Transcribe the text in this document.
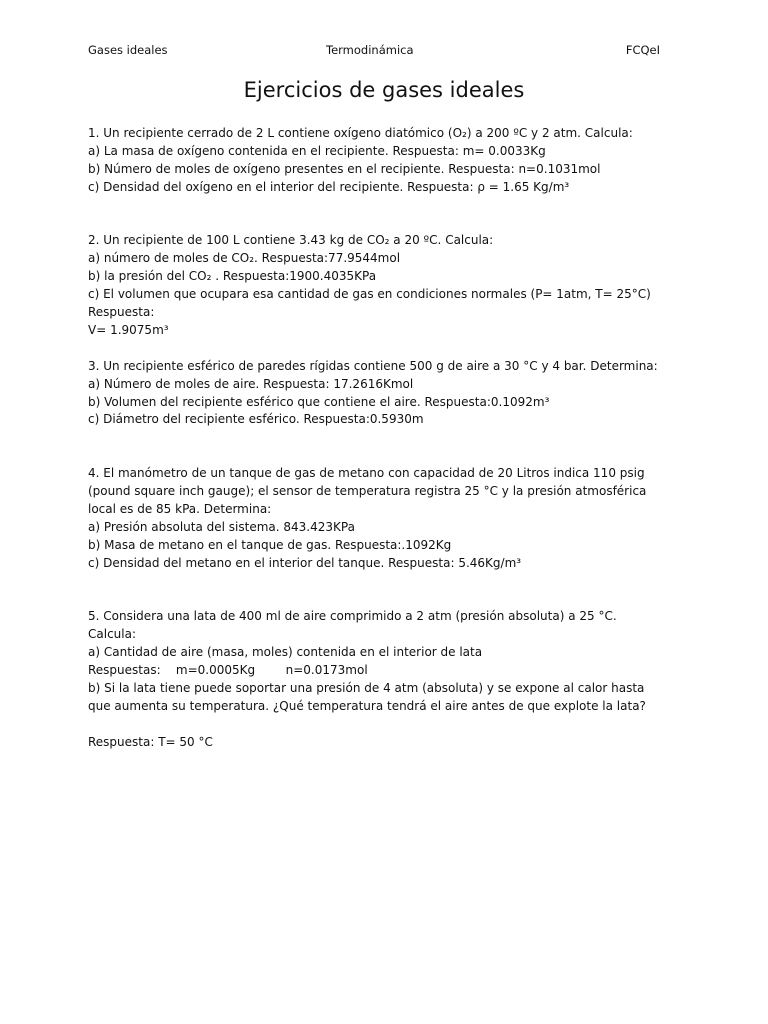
Gases ideales	Termodinámica	FCQeI
Ejercicios de gases ideales
1. Un recipiente cerrado de 2 L contiene oxígeno diatómico (O₂) a 200 ºC y 2 atm. Calcula:
a) La masa de oxígeno contenida en el recipiente. Respuesta: m= 0.0033Kg
b) Número de moles de oxígeno presentes en el recipiente. Respuesta: n=0.1031mol
c) Densidad del oxígeno en el interior del recipiente. Respuesta: ρ = 1.65 Kg/m³
2. Un recipiente de 100 L contiene 3.43 kg de CO₂ a 20 ºC. Calcula:
a) número de moles de CO₂. Respuesta:77.9544mol
b) la presión del CO₂ . Respuesta:1900.4035KPa
c) El volumen que ocupara esa cantidad de gas en condiciones normales (P= 1atm, T= 25°C)
Respuesta:
V= 1.9075m³
3. Un recipiente esférico de paredes rígidas contiene 500 g de aire a 30 °C y 4 bar. Determina:
a) Número de moles de aire. Respuesta: 17.2616Kmol
b) Volumen del recipiente esférico que contiene el aire. Respuesta:0.1092m³
c) Diámetro del recipiente esférico. Respuesta:0.5930m
4. El manómetro de un tanque de gas de metano con capacidad de 20 Litros indica 110 psig
(pound square inch gauge); el sensor de temperatura registra 25 °C y la presión atmosférica
local es de 85 kPa. Determina:
a) Presión absoluta del sistema. 843.423KPa
b) Masa de metano en el tanque de gas. Respuesta:.1092Kg
c) Densidad del metano en el interior del tanque. Respuesta: 5.46Kg/m³
5. Considera una lata de 400 ml de aire comprimido a 2 atm (presión absoluta) a 25 °C.
Calcula:
a) Cantidad de aire (masa, moles) contenida en el interior de lata
Respuestas:    m=0.0005Kg        n=0.0173mol
b) Si la lata tiene puede soportar una presión de 4 atm (absoluta) y se expone al calor hasta
que aumenta su temperatura. ¿Qué temperatura tendrá el aire antes de que explote la lata?
Respuesta: T= 50 °C
